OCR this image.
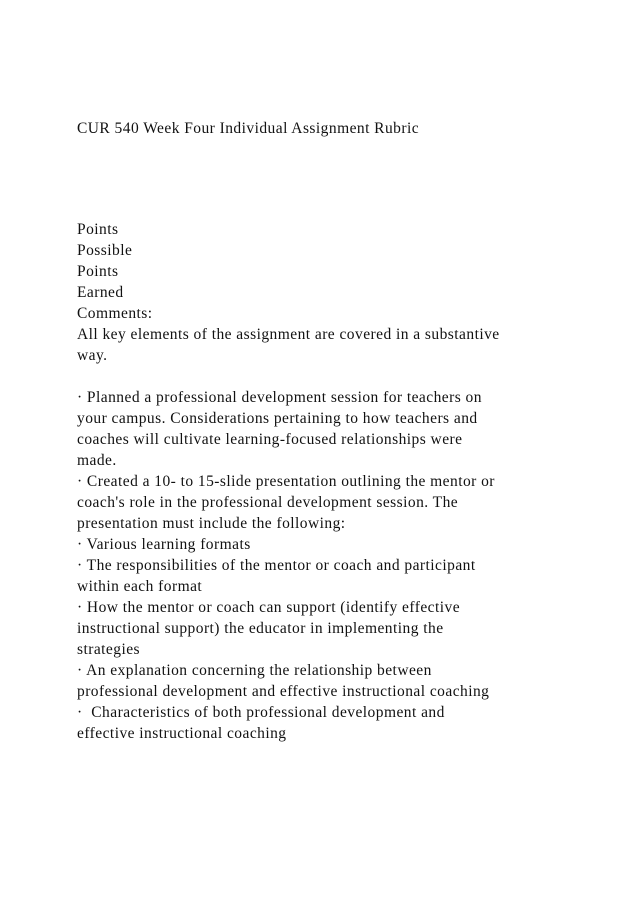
CUR 540 Week Four Individual Assignment Rubric
Points
Possible
Points
Earned
Comments:
All key elements of the assignment are covered in a substantive
way.
· Planned a professional development session for teachers on
your campus. Considerations pertaining to how teachers and
coaches will cultivate learning-focused relationships were
made.
· Created a 10- to 15-slide presentation outlining the mentor or
coach's role in the professional development session. The
presentation must include the following:
· Various learning formats
· The responsibilities of the mentor or coach and participant
within each format
· How the mentor or coach can support (identify effective
instructional support) the educator in implementing the
strategies
· An explanation concerning the relationship between
professional development and effective instructional coaching
·  Characteristics of both professional development and
effective instructional coaching
